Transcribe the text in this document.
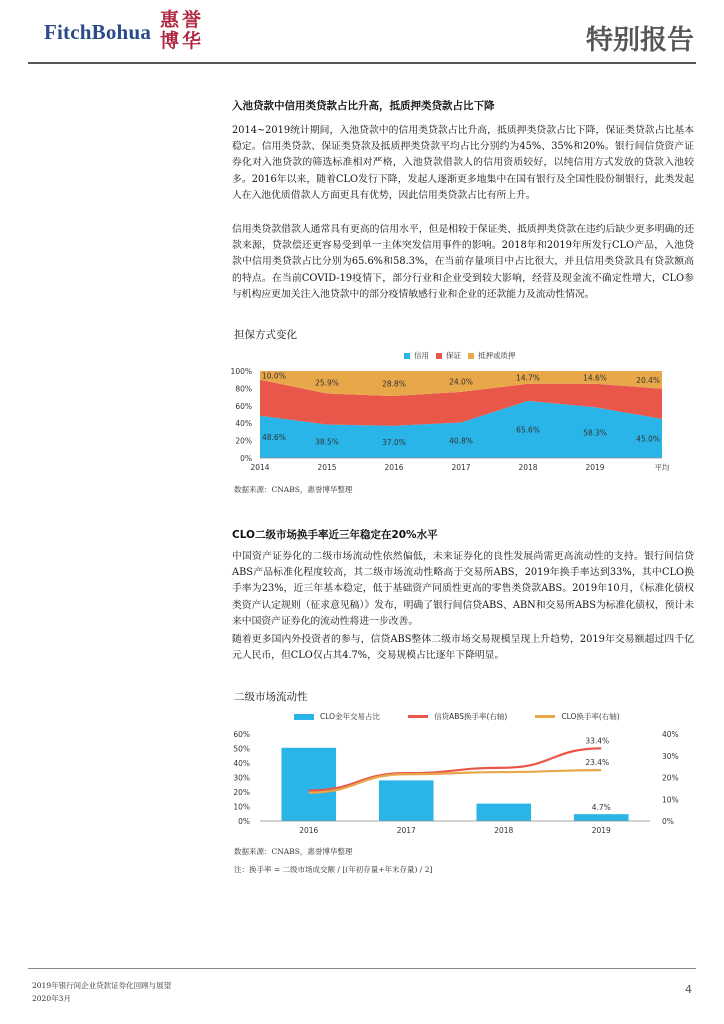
FitchBohua 惠誉博华	特别报告
入池贷款中信用类贷款占比升高，抵质押类贷款占比下降
2014~2019统计期间，入池贷款中的信用类贷款占比升高，抵质押类贷款占比下降，保证类贷款占比基本稳定。信用类贷款、保证类贷款及抵质押类贷款平均占比分别约为45%、35%和20%。银行间信贷资产证券化对入池贷款的筛选标准相对严格，入池贷款借款人的信用资质较好，以纯信用方式发放的贷款入池较多。2016年以来，随着CLO发行下降，发起人逐渐更多地集中在国有银行及全国性股份制银行，此类发起人在入池优质借款人方面更具有优势，因此信用类贷款占比有所上升。
信用类贷款借款人通常具有更高的信用水平，但是相较于保证类、抵质押类贷款在违约后缺少更多明确的还款来源，贷款偿还更容易受到单一主体突发信用事件的影响。2018年和2019年所发行CLO产品，入池贷款中信用类贷款占比分别为65.6%和58.3%，在当前存量项目中占比很大，并且信用类贷款具有贷款额高的特点。在当前COVID-19疫情下，部分行业和企业受到较大影响，经营及现金流不确定性增大，CLO参与机构应更加关注入池贷款中的部分疫情敏感行业和企业的还款能力及流动性情况。
担保方式变化
信用 保证 抵押或质押
0%
20%
40%
60%
80%
100%
48.6%	38.5%	37.0%	40.8%
65.6%	58.3%
45.0%
10.0%
25.9%	28.8%	24.0%	14.7%	14.6%	20.4%
2014	2015	2016	2017	2018	2019	平均
数据来源：CNABS，惠誉博华整理
CLO二级市场换手率近三年稳定在20%水平
中国资产证券化的二级市场流动性依然偏低，未来证券化的良性发展尚需更高流动性的支持。银行间信贷ABS产品标准化程度较高，其二级市场流动性略高于交易所ABS，2019年换手率达到33%，其中CLO换手率为23%，近三年基本稳定，低于基础资产同质性更高的零售类贷款ABS。2019年10月，《标准化债权类资产认定规则（征求意见稿）》发布，明确了银行间信贷ABS、ABN和交易所ABS为标准化债权，预计未来中国资产证券化的流动性将进一步改善。
随着更多国内外投资者的参与，信贷ABS整体二级市场交易规模呈现上升趋势，2019年交易额超过四千亿元人民币，但CLO仅占其4.7%，交易规模占比逐年下降明显。
二级市场流动性
CLO金年交易占比	信贷ABS换手率(右轴)	CLO换手率(右轴)
0%
10%
20%
30%
40%
50%
60%
0%
10%
20%
30%
40%
2016	2017	2018	2019
33.4%
23.4%
4.7%
数据来源：CNABS，惠誉博华整理
注：换手率 = 二级市场成交额 / [(年初存量+年末存量) / 2]
2019年银行间企业贷款证券化回顾与展望
2020年3月
4
